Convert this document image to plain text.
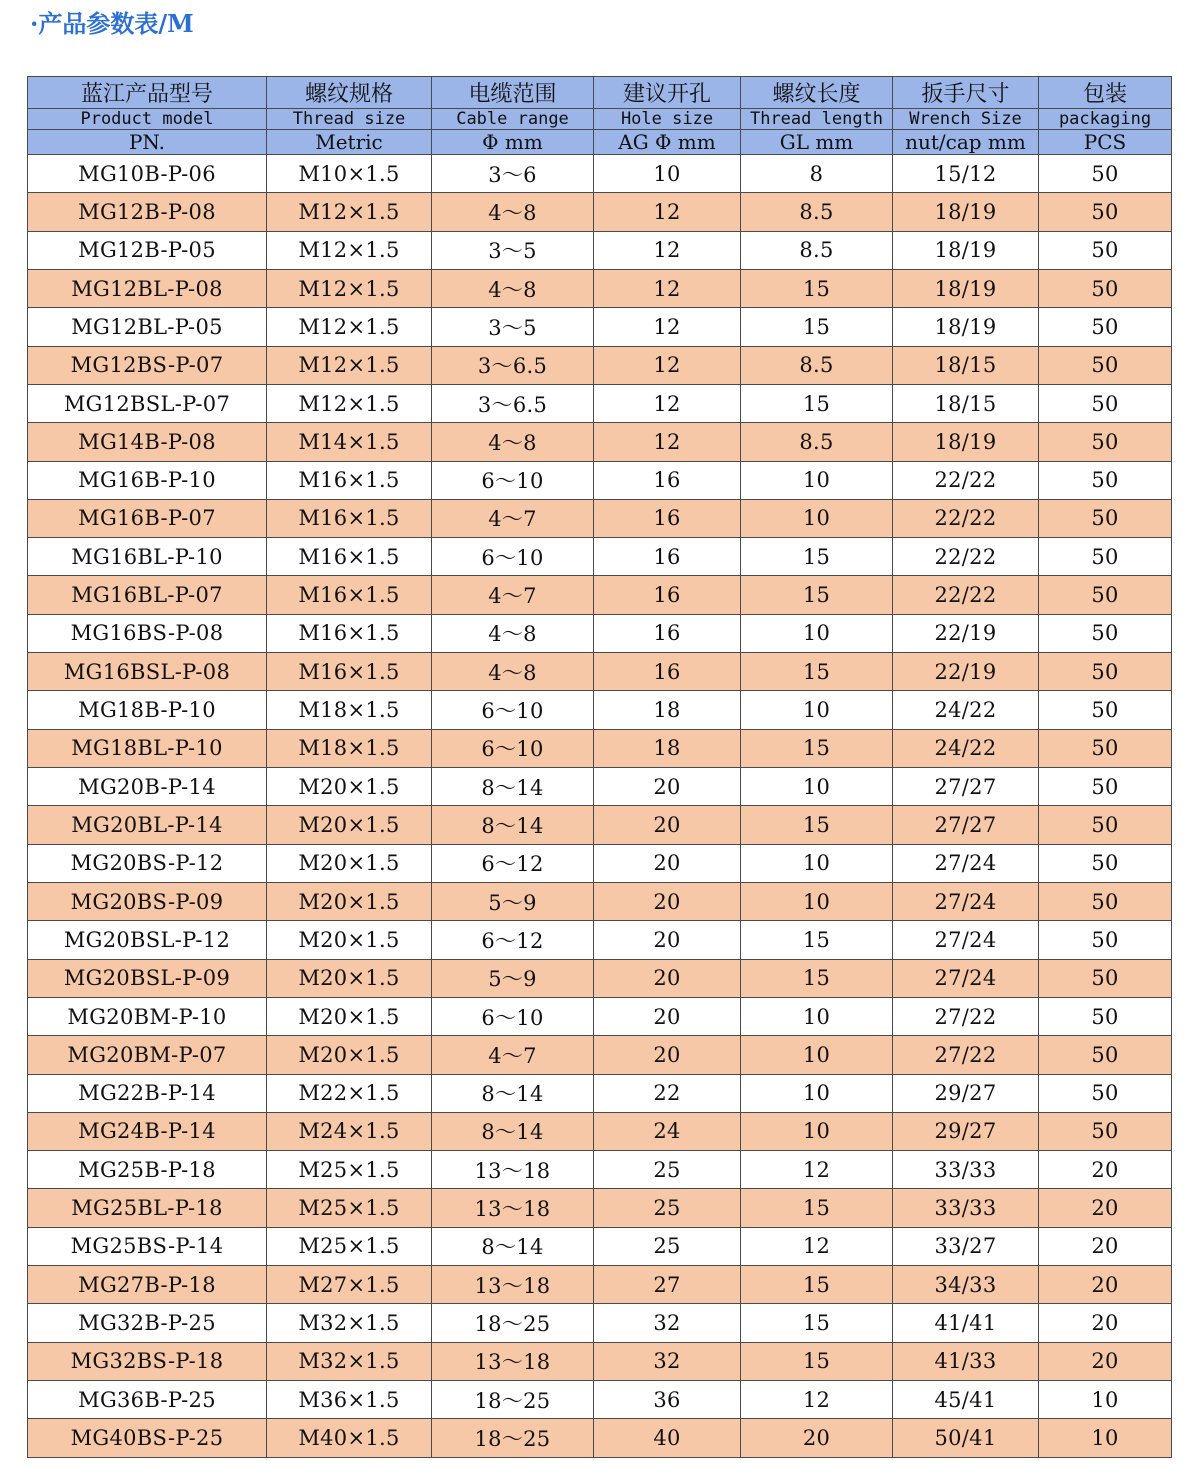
·产品参数表/M
蓝江产品型号	螺纹规格	电缆范围	建议开孔	螺纹长度	扳手尺寸	包装
Product model	Thread size	Cable range	Hole size	Thread length	Wrench Size	packaging
PN.	Metric	Φ mm	AG Φ mm	GL mm	nut/cap mm	PCS
MG10B-P-06	M10×1.5	3～6	10	8	15/12	50
MG12B-P-08	M12×1.5	4～8	12	8.5	18/19	50
MG12B-P-05	M12×1.5	3～5	12	8.5	18/19	50
MG12BL-P-08	M12×1.5	4～8	12	15	18/19	50
MG12BL-P-05	M12×1.5	3～5	12	15	18/19	50
MG12BS-P-07	M12×1.5	3～6.5	12	8.5	18/15	50
MG12BSL-P-07	M12×1.5	3～6.5	12	15	18/15	50
MG14B-P-08	M14×1.5	4～8	12	8.5	18/19	50
MG16B-P-10	M16×1.5	6～10	16	10	22/22	50
MG16B-P-07	M16×1.5	4～7	16	10	22/22	50
MG16BL-P-10	M16×1.5	6～10	16	15	22/22	50
MG16BL-P-07	M16×1.5	4～7	16	15	22/22	50
MG16BS-P-08	M16×1.5	4～8	16	10	22/19	50
MG16BSL-P-08	M16×1.5	4～8	16	15	22/19	50
MG18B-P-10	M18×1.5	6～10	18	10	24/22	50
MG18BL-P-10	M18×1.5	6～10	18	15	24/22	50
MG20B-P-14	M20×1.5	8～14	20	10	27/27	50
MG20BL-P-14	M20×1.5	8～14	20	15	27/27	50
MG20BS-P-12	M20×1.5	6～12	20	10	27/24	50
MG20BS-P-09	M20×1.5	5～9	20	10	27/24	50
MG20BSL-P-12	M20×1.5	6～12	20	15	27/24	50
MG20BSL-P-09	M20×1.5	5～9	20	15	27/24	50
MG20BM-P-10	M20×1.5	6～10	20	10	27/22	50
MG20BM-P-07	M20×1.5	4～7	20	10	27/22	50
MG22B-P-14	M22×1.5	8～14	22	10	29/27	50
MG24B-P-14	M24×1.5	8～14	24	10	29/27	50
MG25B-P-18	M25×1.5	13～18	25	12	33/33	20
MG25BL-P-18	M25×1.5	13～18	25	15	33/33	20
MG25BS-P-14	M25×1.5	8～14	25	12	33/27	20
MG27B-P-18	M27×1.5	13～18	27	15	34/33	20
MG32B-P-25	M32×1.5	18～25	32	15	41/41	20
MG32BS-P-18	M32×1.5	13～18	32	15	41/33	20
MG36B-P-25	M36×1.5	18～25	36	12	45/41	10
MG40BS-P-25	M40×1.5	18～25	40	20	50/41	10
